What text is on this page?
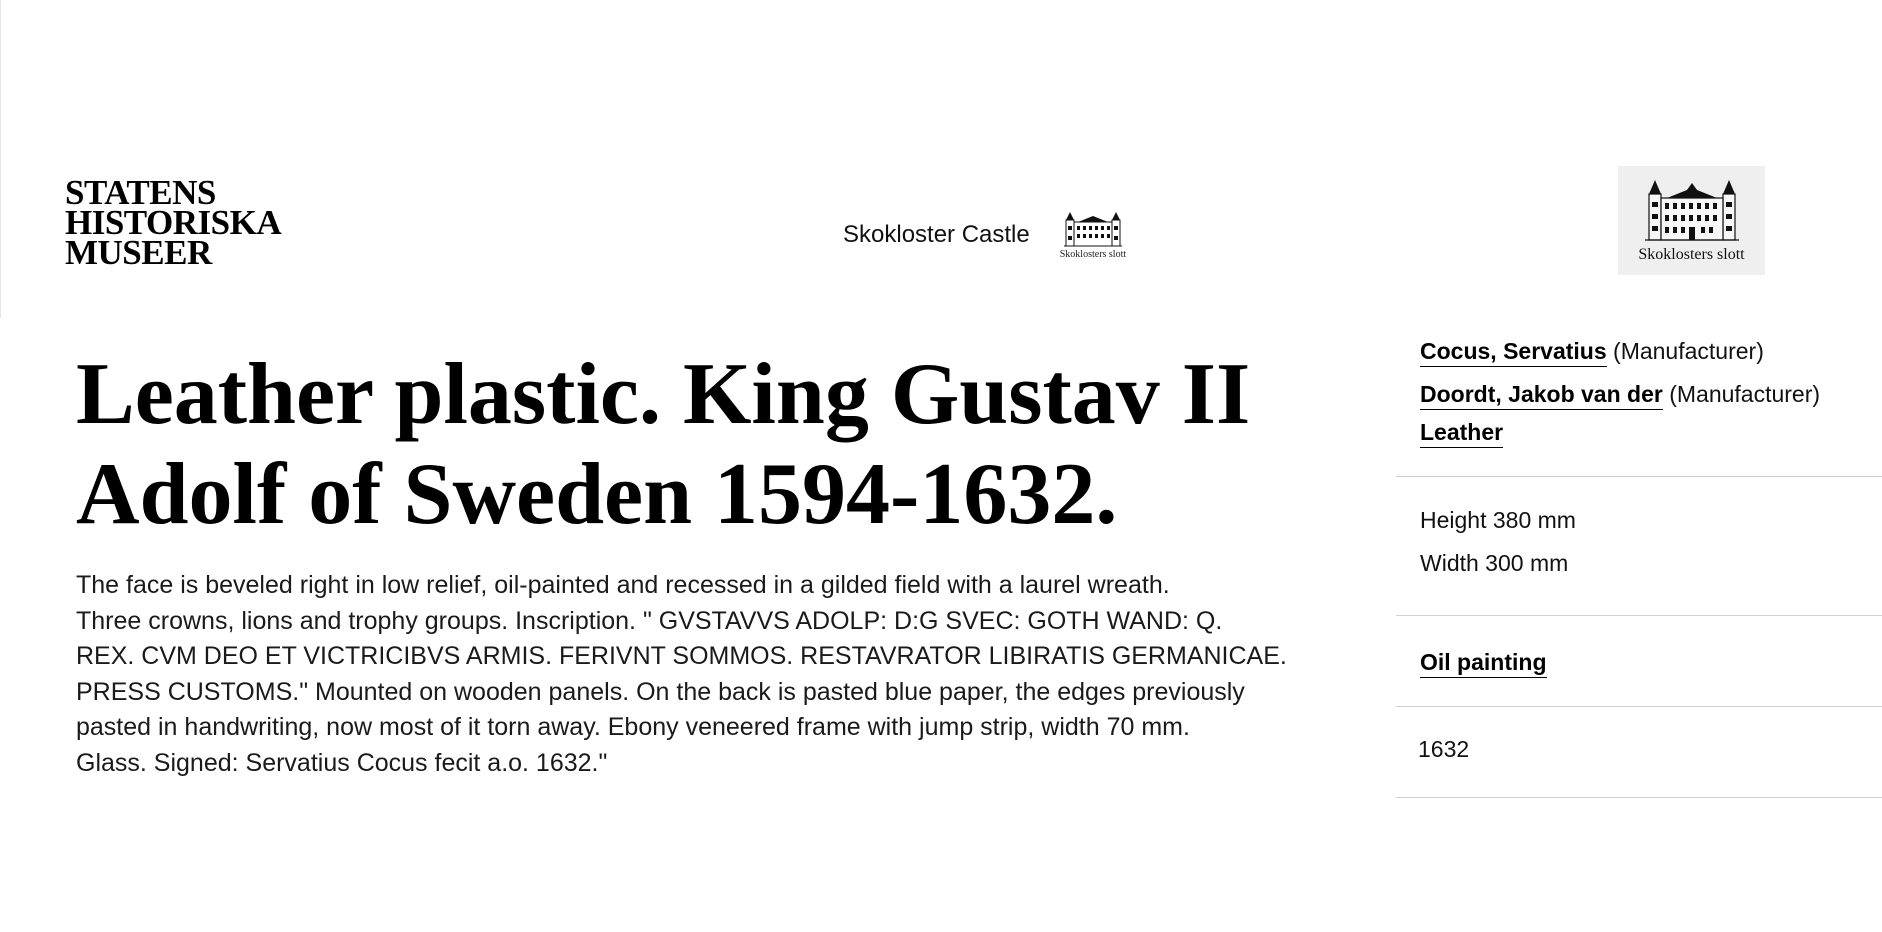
STATENS
HISTORISKA
MUSEER	Skokloster Castle
Skoklosters slott	Skoklosters slott
Leather plastic. King Gustav II
Adolf of Sweden 1594-1632.
The face is beveled right in low relief, oil-painted and recessed in a gilded field with a laurel wreath.
Three crowns, lions and trophy groups. Inscription. " GVSTAVVS ADOLP: D:G SVEC: GOTH WAND: Q.
REX. CVM DEO ET VICTRICIBVS ARMIS. FERIVNT SOMMOS. RESTAVRATOR LIBIRATIS GERMANICAE.
PRESS CUSTOMS." Mounted on wooden panels. On the back is pasted blue paper, the edges previously
pasted in handwriting, now most of it torn away. Ebony veneered frame with jump strip, width 70 mm.
Glass. Signed: Servatius Cocus fecit a.o. 1632."
Cocus, Servatius (Manufacturer)
Doordt, Jakob van der (Manufacturer)
Leather
Height 380 mm
Width 300 mm
Oil painting
1632
